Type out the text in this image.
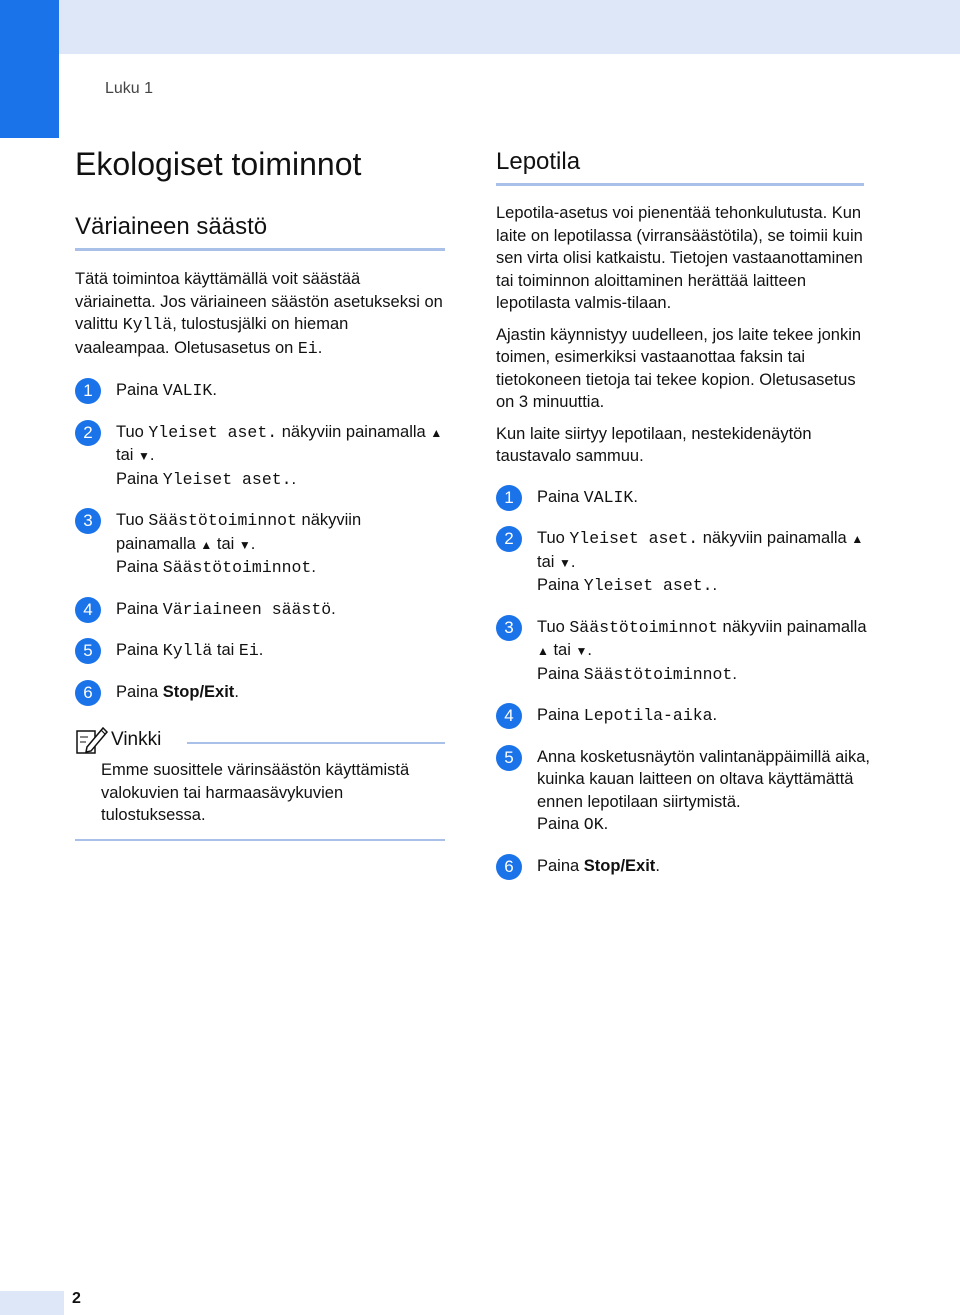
Luku 1
Ekologiset toiminnot
Väriaineen säästö

Tätä toimintoa käyttämällä voit säästää väriainetta. Jos väriaineen säästön asetukseksi on valittu Kyllä, tulostusjälki on hieman vaaleampaa. Oletusasetus on Ei.

1	Paina VALIK.

2	Tuo Yleiset aset. näkyviin painamalla ▲ tai ▼.

Paina Yleiset aset..

3	Tuo Säästötoiminnot näkyviin painamalla ▲ tai ▼.

Paina Säästötoiminnot.

4	Paina Väriaineen säästö.

5	Paina Kyllä tai Ei.

6	Paina Stop/Exit.

Vinkki

Emme suosittele värinsäästön käyttämistä valokuvien tai harmaasävykuvien tulostuksessa.

Lepotila

Lepotila-asetus voi pienentää tehonkulutusta. Kun laite on lepotilassa (virransäästötila), se toimii kuin sen virta olisi katkaistu. Tietojen vastaanottaminen tai toiminnon aloittaminen herättää laitteen lepotilasta valmis-tilaan.

Ajastin käynnistyy uudelleen, jos laite tekee jonkin toimen, esimerkiksi vastaanottaa faksin tai tietokoneen tietoja tai tekee kopion. Oletusasetus on 3 minuuttia.

Kun laite siirtyy lepotilaan, nestekidenäytön taustavalo sammuu.

1	Paina VALIK.

2	Tuo Yleiset aset. näkyviin painamalla ▲ tai ▼.

Paina Yleiset aset..

3	Tuo Säästötoiminnot näkyviin painamalla ▲ tai ▼.

Paina Säästötoiminnot.

4	Paina Lepotila-aika.

5	Anna kosketusnäytön valintanäppäimillä aika, kuinka kauan laitteen on oltava käyttämättä ennen lepotilaan siirtymistä.

Paina OK.

6	Paina Stop/Exit.

2
